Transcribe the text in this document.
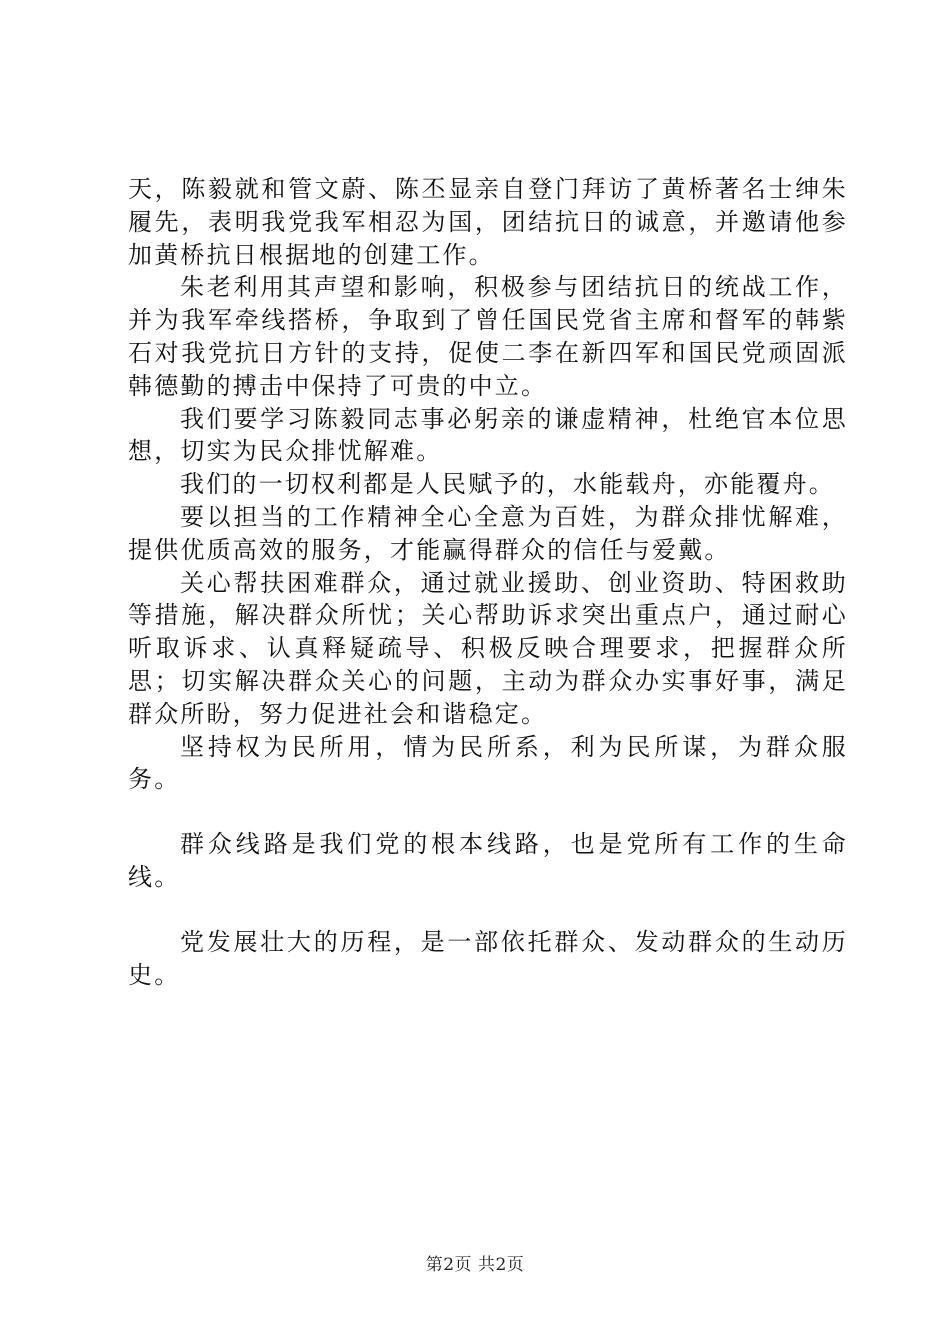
天，陈毅就和管文蔚、陈丕显亲自登门拜访了黄桥著名士绅朱履先，表明我党我军相忍为国，团结抗日的诚意，并邀请他参加黄桥抗日根据地的创建工作。

朱老利用其声望和影响，积极参与团结抗日的统战工作，并为我军牵线搭桥，争取到了曾任国民党省主席和督军的韩紫石对我党抗日方针的支持，促使二李在新四军和国民党顽固派韩德勤的搏击中保持了可贵的中立。

我们要学习陈毅同志事必躬亲的谦虚精神，杜绝官本位思想，切实为民众排忧解难。

我们的一切权利都是人民赋予的，水能载舟，亦能覆舟。

要以担当的工作精神全心全意为百姓，为群众排忧解难，提供优质高效的服务，才能赢得群众的信任与爱戴。

关心帮扶困难群众，通过就业援助、创业资助、特困救助等措施，解决群众所忧；关心帮助诉求突出重点户，通过耐心听取诉求、认真释疑疏导、积极反映合理要求，把握群众所思；切实解决群众关心的问题，主动为群众办实事好事，满足群众所盼，努力促进社会和谐稳定。

坚持权为民所用，情为民所系，利为民所谋，为群众服务。

群众线路是我们党的根本线路，也是党所有工作的生命线。

党发展壮大的历程，是一部依托群众、发动群众的生动历史。

第2页 共2页
